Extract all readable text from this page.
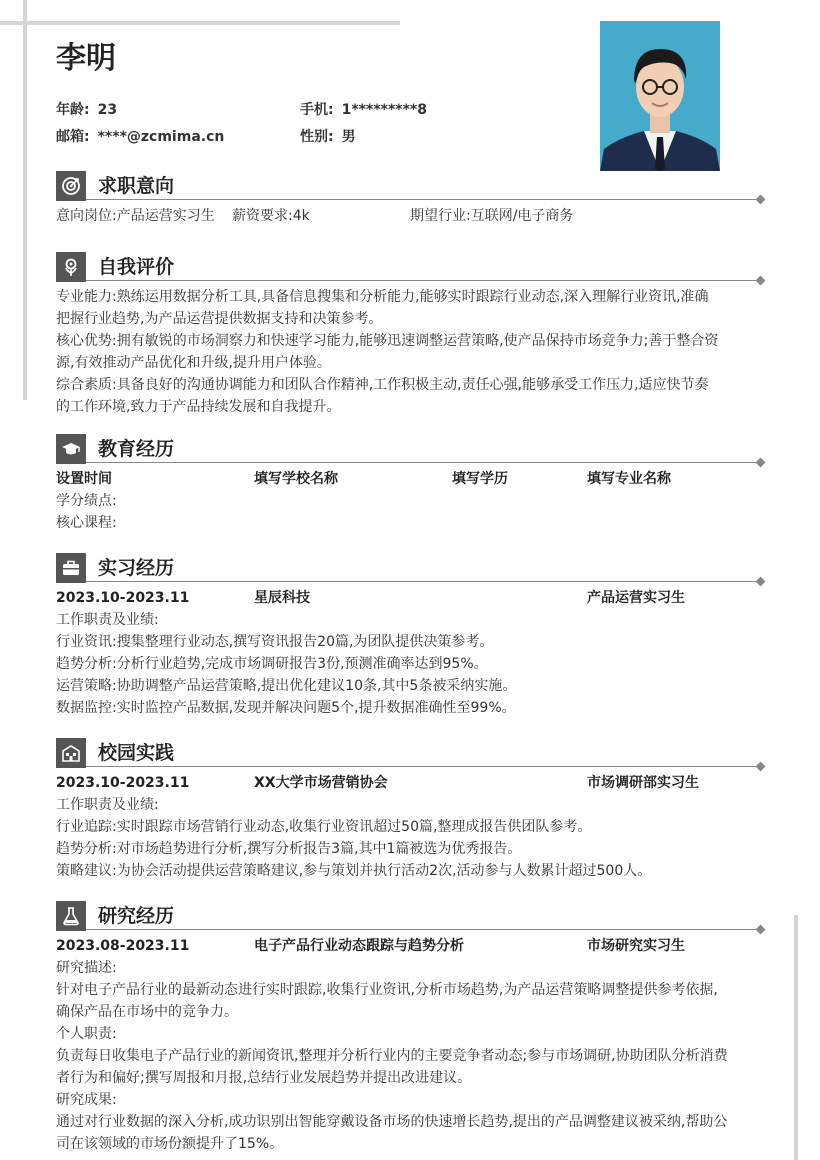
李明
年龄: 23	手机: 1*********8
邮箱: ****@zcmima.cn	性别: 男
求职意向
意向岗位:产品运营实习生 薪资要求:4k	期望行业:互联网/电子商务
自我评价
专业能力:熟练运用数据分析工具,具备信息搜集和分析能力,能够实时跟踪行业动态,深入理解行业资讯,准确
把握行业趋势,为产品运营提供数据支持和决策参考。
核心优势:拥有敏锐的市场洞察力和快速学习能力,能够迅速调整运营策略,使产品保持市场竞争力;善于整合资
源,有效推动产品优化和升级,提升用户体验。
综合素质:具备良好的沟通协调能力和团队合作精神,工作积极主动,责任心强,能够承受工作压力,适应快节奏
的工作环境,致力于产品持续发展和自我提升。
教育经历
设置时间	填写学校名称	填写学历	填写专业名称
学分绩点:
核心课程:
实习经历
2023.10-2023.11	星辰科技	产品运营实习生
工作职责及业绩:
行业资讯:搜集整理行业动态,撰写资讯报告20篇,为团队提供决策参考。
趋势分析:分析行业趋势,完成市场调研报告3份,预测准确率达到95%。
运营策略:协助调整产品运营策略,提出优化建议10条,其中5条被采纳实施。
数据监控:实时监控产品数据,发现并解决问题5个,提升数据准确性至99%。
校园实践
2023.10-2023.11	XX大学市场营销协会	市场调研部实习生
工作职责及业绩:
行业追踪:实时跟踪市场营销行业动态,收集行业资讯超过50篇,整理成报告供团队参考。
趋势分析:对市场趋势进行分析,撰写分析报告3篇,其中1篇被选为优秀报告。
策略建议:为协会活动提供运营策略建议,参与策划并执行活动2次,活动参与人数累计超过500人。
研究经历
2023.08-2023.11	电子产品行业动态跟踪与趋势分析	市场研究实习生
研究描述:
针对电子产品行业的最新动态进行实时跟踪,收集行业资讯,分析市场趋势,为产品运营策略调整提供参考依据,
确保产品在市场中的竞争力。
个人职责:
负责每日收集电子产品行业的新闻资讯,整理并分析行业内的主要竞争者动态;参与市场调研,协助团队分析消费
者行为和偏好;撰写周报和月报,总结行业发展趋势并提出改进建议。
研究成果:
通过对行业数据的深入分析,成功识别出智能穿戴设备市场的快速增长趋势,提出的产品调整建议被采纳,帮助公
司在该领域的市场份额提升了15%。
